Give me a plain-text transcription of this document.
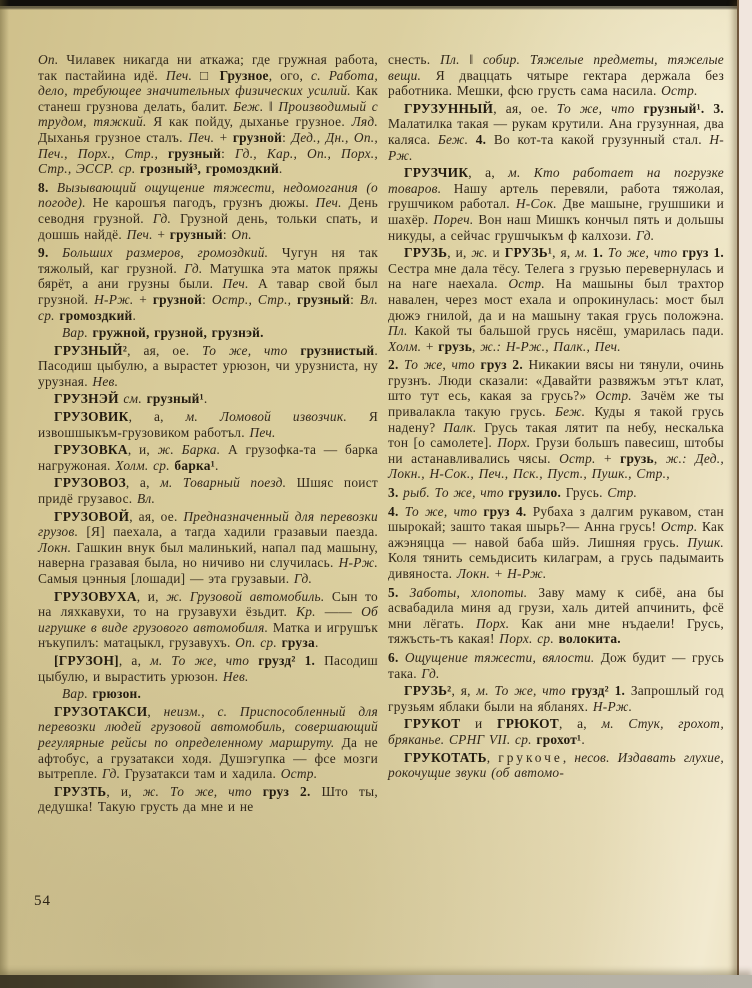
Оп. Чилавек никагда ни аткажа; где гружная работа, так пастайина идё. Печ. □ Грузное, ого, с. Работа, дело, требующее значительных физических усилий. Как станеш грузнова делать, балит. Беж. ‖ Производимый с трудом, тяжкий. Я как пойду, дыханье грузное. Ляд. Дыханья грузное сталъ. Печ. + грузной: Дед., Дн., Оп., Печ., Порх., Стр., грузный: Гд., Кар., Оп., Порх., Стр., ЭССР. ср. грозный³, громоздкий.

8. Вызывающий ощущение тяжести, недомогания (о погоде). Не карошъя пагодъ, грузнъ дюжы. Печ. День севодня грузной. Гд. Грузной день, тольки спать, и дошшь найдё. Печ. + грузный: Оп.

9. Больших размеров, громоздкий. Чугун ня так тяжолый, каг грузной. Гд. Матушка эта маток пряжы бярёт, а ани грузны были. Печ. А тавар свой был грузной. Н-Рж. + грузной: Остр., Стр., грузный: Вл. ср. громоздкий.

Вар. гружной, грузной, грузнэй.

ГРУЗНЫЙ², ая, ое. То же, что грузнистый. Пасодиш цыбулю, а вырастет урюзон, чи урузниста, ну урузная. Нев.

ГРУЗНЭЙ см. грузный¹.

ГРУЗОВИК, а, м. Ломовой извозчик. Я извошшыкъм-грузовиком работъл. Печ.

ГРУЗОВКА, и, ж. Барка. А грузофка-та — барка нагружоная. Холм. ср. барка¹.

ГРУЗОВОЗ, а, м. Товарный поезд. Шшяс поист придё грузавос. Вл.

ГРУЗОВОЙ, ая, ое. Предназначенный для перевозки грузов. [Я] паехала, а тагда хадили гразавыи паезда. Локн. Гашкин внук был малинький, напал пад машыну, наверна гразавая была, но ничиво ни случилась. Н-Рж. Самыя цэнныя [лошади] — эта грузавыи. Гд.

ГРУЗОВУХА, и, ж. Грузовой автомобиль. Сын то на ляхкавухи, то на грузавухи ёзьдит. Кр. —— Об игрушке в виде грузового автомобиля. Матка и игрушък нъкупилъ: матацыкл, грузавухъ. Оп. ср. груза.

[ГРУЗОН], а, м. То же, что грузд² 1. Пасодиш цыбулю, и вырастить урюзон. Нев.

Вар. грюзон.

ГРУЗОТАКСИ, неизм., с. Приспособленный для перевозки людей грузовой автомобиль, совершающий регулярные рейсы по определенному маршруту. Да не афтобус, а грузатакси ходя. Душэгупка — фсе мозги вытрепле. Гд. Грузатакси там и хадила. Остр.

ГРУЗТЬ, и, ж. То же, что груз 2. Што ты, дедушка! Такую грусть да мне и не

снесть. Пл. ‖ собир. Тяжелые предметы, тяжелые вещи. Я дваццать чятыре гектара держала без работника. Мешки, фсю грусть сама насила. Остр.

ГРУЗУННЫЙ, ая, ое. То же, что грузный¹. 3. Малатилка такая — рукам крутили. Ана грузунная, два каляса. Беж. 4. Во кот-та какой грузунный стал. Н-Рж.

ГРУЗЧИК, а, м. Кто работает на погрузке товаров. Нашу артель перевяли, работа тяжолая, грушчиком работал. Н-Сок. Две машыне, грушшики и шахёр. Пореч. Вон наш Мишкъ кончыл пять и дольшы никуды, а сейчас грушчыкъм ф калхози. Гд.

ГРУЗЬ, и, ж. и ГРУЗЬ¹, я, м. 1. То же, что груз 1. Сестра мне дала тёсу. Телега з грузью перевернулась и на наге наехала. Остр. На машыны был трахтор навален, через мост ехала и опрокинулась: мост был дюжэ гнилой, да и на машыну такая грусь положэна. Пл. Какой ты бальшой грусь нясёш, умарилась пади. Холм. + грузь, ж.: Н-Рж., Палк., Печ.

2. То же, что груз 2. Никакии вясы ни тянули, очинь грузнъ. Люди сказали: «Давайти развяжъм этът клат, што тут есь, какая за грусь?» Остр. Зачём же ты привалакла такую грусь. Беж. Куды я такой грусь надену? Палк. Грусь такая лятит па небу, нескалька тон [о самолете]. Порх. Грузи большъ павесиш, штобы ни астанавливались чясы. Остр. + грузь, ж.: Дед., Локн., Н-Сок., Печ., Пск., Пуст., Пушк., Стр.,

3. рыб. То же, что грузило. Грусь. Стр.

4. То же, что груз 4. Рубаха з далгим рукавом, стан шырокай; зашто такая шырь?— Анна грусь! Остр. Как ажэняцца — навой баба шйэ. Лишняя грусь. Пушк. Коля тянить семьдисить килаграм, а грусь падымаить дивяноста. Локн. + Н-Рж.

5. Заботы, хлопоты. Заву маму к сибё, ана бы асвабадила миня ад грузи, халь дитей апчинить, фсё мни лёгать. Порх. Как ани мне нъдаели! Грусь, тяжъсть-тъ какая! Порх. ср. волокита.

6. Ощущение тяжести, вялости. Дож будит — грусь така. Гд.

ГРУЗЬ², я, м. То же, что грузд² 1. Запрошлый год грузьям яблаки были на ябланях. Н-Рж.

ГРУКОТ и ГРЮКОТ, а, м. Стук, грохот, бряканье. СРНГ VII. ср. грохот¹.

ГРУКОТАТЬ, грукоче, несов. Издавать глухие, рокочущие звуки (об автомо-

54
